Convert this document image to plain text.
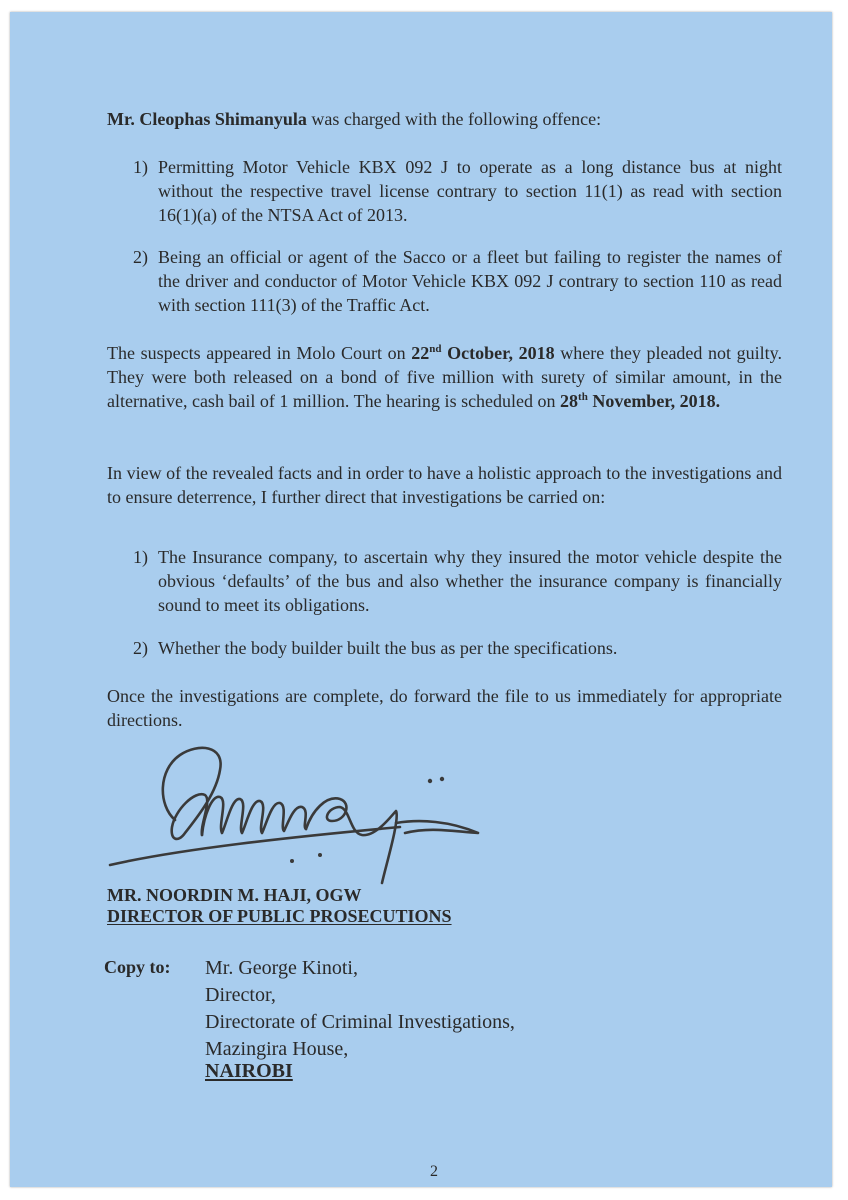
Mr. Cleophas Shimanyula was charged with the following offence:

1) Permitting Motor Vehicle KBX 092 J to operate as a long distance bus at night without the respective travel license contrary to section 11(1) as read with section 16(1)(a) of the NTSA Act of 2013.

2) Being an official or agent of the Sacco or a fleet but failing to register the names of the driver and conductor of Motor Vehicle KBX 092 J contrary to section 110 as read with section 111(3) of the Traffic Act.

The suspects appeared in Molo Court on 22nd October, 2018 where they pleaded not guilty. They were both released on a bond of five million with surety of similar amount, in the alternative, cash bail of 1 million. The hearing is scheduled on 28th November, 2018.

In view of the revealed facts and in order to have a holistic approach to the investigations and to ensure deterrence, I further direct that investigations be carried on:

1) The Insurance company, to ascertain why they insured the motor vehicle despite the obvious ‘defaults’ of the bus and also whether the insurance company is financially sound to meet its obligations.

2) Whether the body builder built the bus as per the specifications.

Once the investigations are complete, do forward the file to us immediately for appropriate directions.

MR. NOORDIN M. HAJI, OGW

DIRECTOR OF PUBLIC PROSECUTIONS

Copy to: Mr. George Kinoti,

Director,

Directorate of Criminal Investigations,

Mazingira House,

NAIROBI

2
